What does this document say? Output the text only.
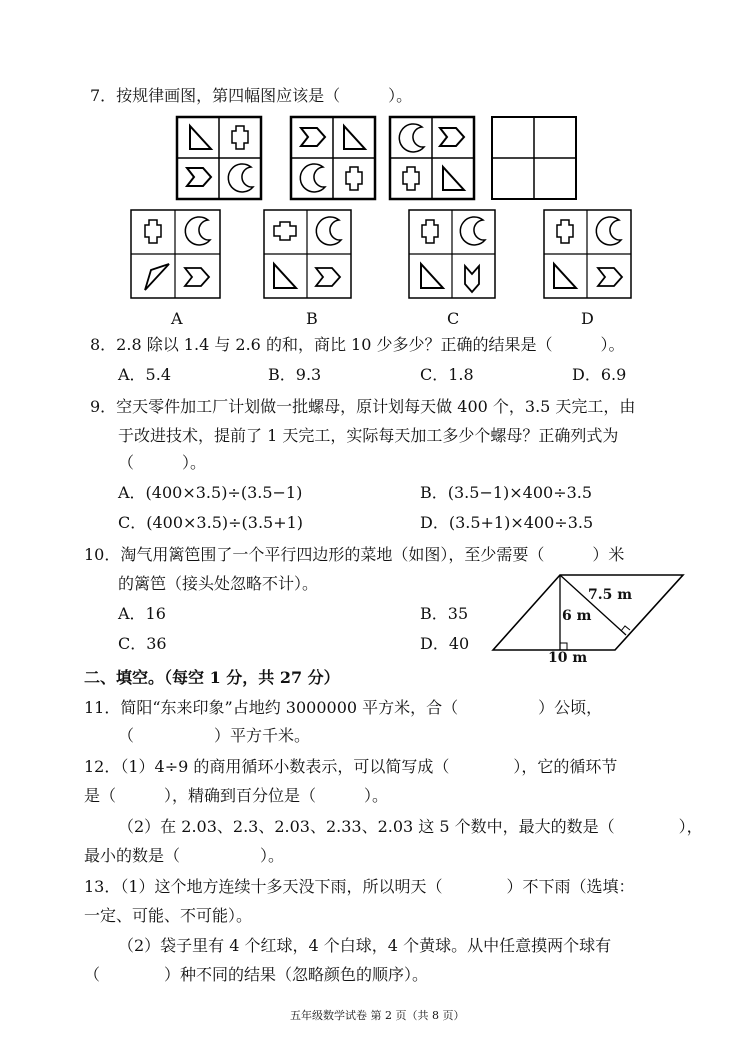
7．按规律画图，第四幅图应该是（　　　）。
A	B	C	D
8．2.8 除以 1.4 与 2.6 的和，商比 10 少多少？正确的结果是（　　　）。
A．5.4	B．9.3	C．1.8	D．6.9
9．空天零件加工厂计划做一批螺母，原计划每天做 400 个，3.5 天完工，由
于改进技术，提前了 1 天完工，实际每天加工多少个螺母？正确列式为
（　　　）。
A．(400×3.5)÷(3.5−1)	B．(3.5−1)×400÷3.5
C．(400×3.5)÷(3.5+1)	D．(3.5+1)×400÷3.5
10．淘气用篱笆围了一个平行四边形的菜地（如图），至少需要（　　　）米
的篱笆（接头处忽略不计）。
A．16	B．35
C．36	D．40
7.5 m
6 m
10 m
二、填空。（每空 1 分，共 27 分）
11．简阳“东来印象”占地约 3000000 平方米，合（　　　　　）公顷，
（　　　　　）平方千米。
12．（1）4÷9 的商用循环小数表示，可以简写成（　　　　），它的循环节
是（　　　），精确到百分位是（　　　）。
（2）在 2.03、2.3、2.03、2.33、2.03 这 5 个数中，最大的数是（　　　　），
最小的数是（　　　　　）。
13．（1）这个地方连续十多天没下雨，所以明天（　　　　）不下雨（选填：
一定、可能、不可能）。
（2）袋子里有 4 个红球，4 个白球，4 个黄球。从中任意摸两个球有
（　　　　）种不同的结果（忽略颜色的顺序）。
五年级数学试卷 第 2 页（共 8 页）
